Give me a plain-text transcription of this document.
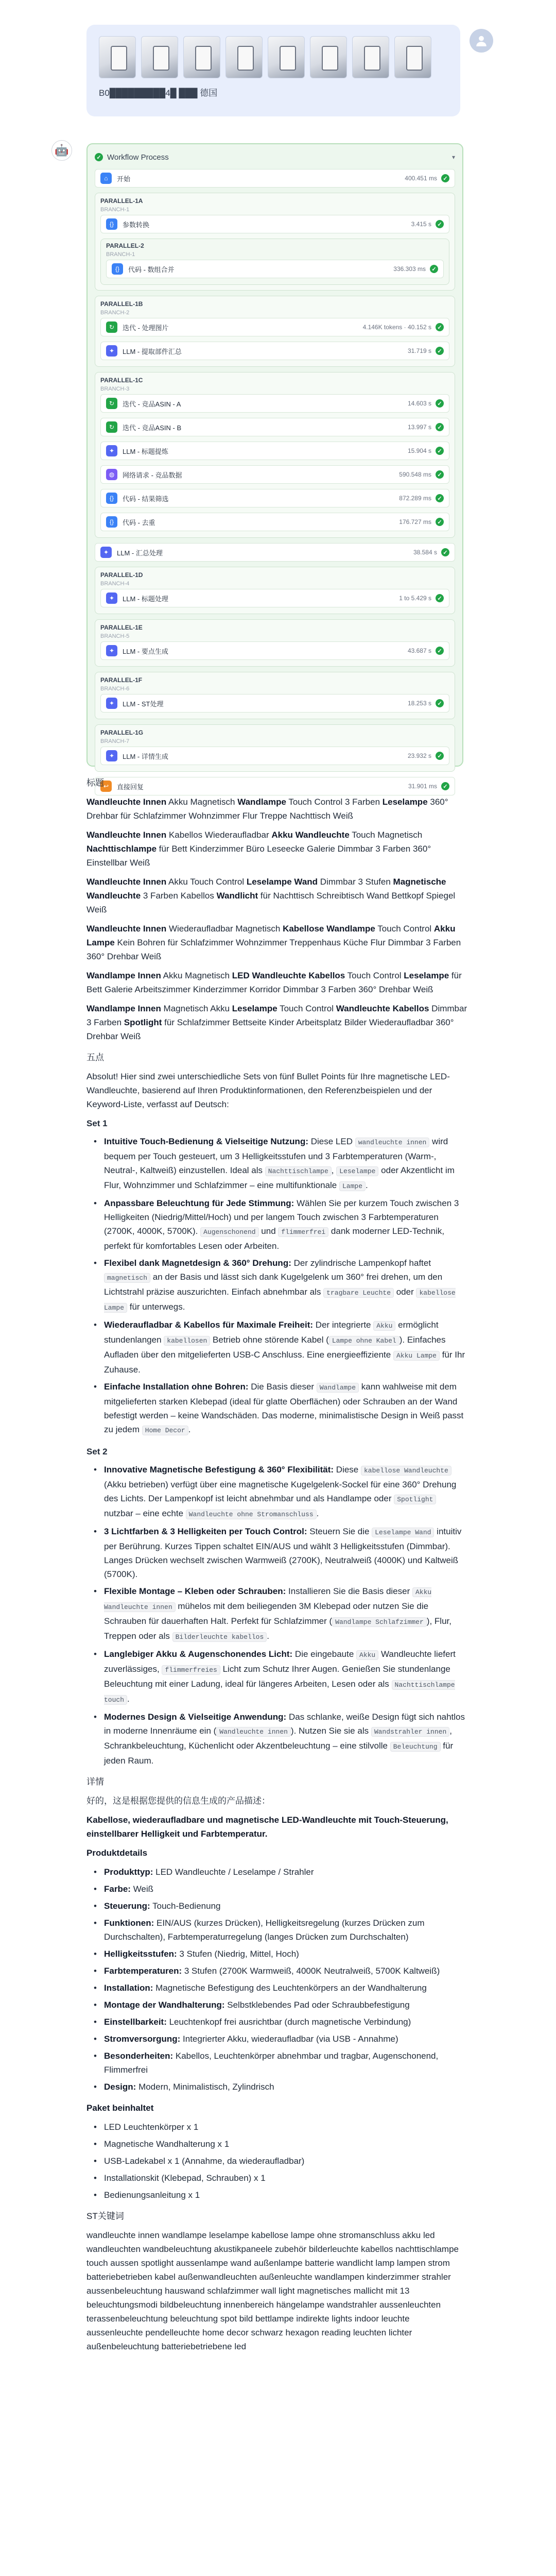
B0█████████4█ ███ 德国
🤖
✓ Workflow Process	▾
⌂	开始	400.451 ms	✓
PARALLEL-1A
BRANCH-1
{}	参数转换	3.415 s	✓
PARALLEL-2
BRANCH-1
{}	代码 - 数组合并	336.303 ms	✓
PARALLEL-1B
BRANCH-2
↻	迭代 - 处理图片	4.146K tokens · 40.152 s	✓
✦	LLM - 提取部件汇总	31.719 s	✓
PARALLEL-1C
BRANCH-3
↻	迭代 - 竞品ASIN - A	14.603 s	✓
↻	迭代 - 竞品ASIN - B	13.997 s	✓
✦	LLM - 标题提炼	15.904 s	✓
◍	网络请求 - 竞品数据	590.548 ms	✓
{}	代码 - 结果筛选	872.289 ms	✓
{}	代码 - 去重	176.727 ms	✓
✦	LLM - 汇总处理	38.584 s	✓
PARALLEL-1D
BRANCH-4
✦	LLM - 标题处理	1 to 5.429 s	✓
PARALLEL-1E
BRANCH-5
✦	LLM - 要点生成	43.687 s	✓
PARALLEL-1F
BRANCH-6
✦	LLM - ST处理	18.253 s	✓
PARALLEL-1G
BRANCH-7
✦	LLM - 详情生成	23.932 s	✓
↩	直接回复	31.901 ms	✓

标题

Wandleuchte Innen Akku Magnetisch Wandlampe Touch Control 3 Farben Leselampe 360° Drehbar für Schlafzimmer Wohnzimmer Flur Treppe Nachttisch Weiß

Wandleuchte Innen Kabellos Wiederaufladbar Akku Wandleuchte Touch Magnetisch Nachttischlampe für Bett Kinderzimmer Büro Leseecke Galerie Dimmbar 3 Farben 360° Einstellbar Weiß

Wandleuchte Innen Akku Touch Control Leselampe Wand Dimmbar 3 Stufen Magnetische Wandleuchte 3 Farben Kabellos Wandlicht für Nachttisch Schreibtisch Wand Bettkopf Spiegel Weiß

Wandleuchte Innen Wiederaufladbar Magnetisch Kabellose Wandlampe Touch Control Akku Lampe Kein Bohren für Schlafzimmer Wohnzimmer Treppenhaus Küche Flur Dimmbar 3 Farben 360° Drehbar Weiß

Wandlampe Innen Akku Magnetisch LED Wandleuchte Kabellos Touch Control Leselampe für Bett Galerie Arbeitszimmer Kinderzimmer Korridor Dimmbar 3 Farben 360° Drehbar Weiß

Wandlampe Innen Magnetisch Akku Leselampe Touch Control Wandleuchte Kabellos Dimmbar 3 Farben Spotlight für Schlafzimmer Bettseite Kinder Arbeitsplatz Bilder Wiederaufladbar 360° Drehbar Weiß

五点

Absolut! Hier sind zwei unterschiedliche Sets von fünf Bullet Points für Ihre magnetische LED-Wandleuchte, basierend auf Ihren Produktinformationen, den Referenzbeispielen und der Keyword-Liste, verfasst auf Deutsch:

Set 1
• Intuitive Touch-Bedienung & Vielseitige Nutzung: Diese LED wandleuchte innen wird bequem per Touch gesteuert, um 3 Helligkeitsstufen und 3 Farbtemperaturen (Warm-, Neutral-, Kaltweiß) einzustellen. Ideal als Nachttischlampe , Leselampe oder Akzentlicht im Flur, Wohnzimmer und Schlafzimmer – eine multifunktionale Lampe .
• Anpassbare Beleuchtung für Jede Stimmung: Wählen Sie per kurzem Touch zwischen 3 Helligkeiten (Niedrig/Mittel/Hoch) und per langem Touch zwischen 3 Farbtemperaturen (2700K, 4000K, 5700K). Augenschonend und flimmerfrei dank moderner LED-Technik, perfekt für komfortables Lesen oder Arbeiten.
• Flexibel dank Magnetdesign & 360° Drehung: Der zylindrische Lampenkopf haftet magnetisch an der Basis und lässt sich dank Kugelgelenk um 360° frei drehen, um den Lichtstrahl präzise auszurichten. Einfach abnehmbar als tragbare Leuchte oder kabellose Lampe für unterwegs.
• Wiederaufladbar & Kabellos für Maximale Freiheit: Der integrierte Akku ermöglicht stundenlangen kabellosen Betrieb ohne störende Kabel ( Lampe ohne Kabel ). Einfaches Aufladen über den mitgelieferten USB-C Anschluss. Eine energieeffiziente Akku Lampe für Ihr Zuhause.
• Einfache Installation ohne Bohren: Die Basis dieser Wandlampe kann wahlweise mit dem mitgelieferten starken Klebepad (ideal für glatte Oberflächen) oder Schrauben an der Wand befestigt werden – keine Wandschäden. Das moderne, minimalistische Design in Weiß passt zu jedem Home Decor .
Set 2
• Innovative Magnetische Befestigung & 360° Flexibilität: Diese kabellose Wandleuchte (Akku betrieben) verfügt über eine magnetische Kugelgelenk-Sockel für eine 360° Drehung des Lichts. Der Lampenkopf ist leicht abnehmbar und als Handlampe oder Spotlight nutzbar – eine echte Wandleuchte ohne Stromanschluss .
• 3 Lichtfarben & 3 Helligkeiten per Touch Control: Steuern Sie die Leselampe Wand intuitiv per Berührung. Kurzes Tippen schaltet EIN/AUS und wählt 3 Helligkeitsstufen (Dimmbar). Langes Drücken wechselt zwischen Warmweiß (2700K), Neutralweiß (4000K) und Kaltweiß (5700K).
• Flexible Montage – Kleben oder Schrauben: Installieren Sie die Basis dieser Akku Wandleuchte innen mühelos mit dem beiliegenden 3M Klebepad oder nutzen Sie die Schrauben für dauerhaften Halt. Perfekt für Schlafzimmer ( Wandlampe Schlafzimmer ), Flur, Treppen oder als Bilderleuchte kabellos .
• Langlebiger Akku & Augenschonendes Licht: Die eingebaute Akku Wandleuchte liefert zuverlässiges, flimmerfreies Licht zum Schutz Ihrer Augen. Genießen Sie stundenlange Beleuchtung mit einer Ladung, ideal für längeres Arbeiten, Lesen oder als Nachttischlampe touch .
• Modernes Design & Vielseitige Anwendung: Das schlanke, weiße Design fügt sich nahtlos in moderne Innenräume ein ( Wandleuchte innen ). Nutzen Sie sie als Wandstrahler innen , Schrankbeleuchtung, Küchenlicht oder Akzentbeleuchtung – eine stilvolle Beleuchtung für jeden Raum.

详情

好的，这是根据您提供的信息生成的产品描述：

Kabellose, wiederaufladbare und magnetische LED-Wandleuchte mit Touch-Steuerung, einstellbarer Helligkeit und Farbtemperatur.

Produktdetails

• Produkttyp: LED Wandleuchte / Leselampe / Strahler
• Farbe: Weiß
• Steuerung: Touch-Bedienung
• Funktionen: EIN/AUS (kurzes Drücken), Helligkeitsregelung (kurzes Drücken zum Durchschalten), Farbtemperaturregelung (langes Drücken zum Durchschalten)
• Helligkeitsstufen: 3 Stufen (Niedrig, Mittel, Hoch)
• Farbtemperaturen: 3 Stufen (2700K Warmweiß, 4000K Neutralweiß, 5700K Kaltweiß)
• Installation: Magnetische Befestigung des Leuchtenkörpers an der Wandhalterung
• Montage der Wandhalterung: Selbstklebendes Pad oder Schraubbefestigung
• Einstellbarkeit: Leuchtenkopf frei ausrichtbar (durch magnetische Verbindung)
• Stromversorgung: Integrierter Akku, wiederaufladbar (via USB - Annahme)
• Besonderheiten: Kabellos, Leuchtenkörper abnehmbar und tragbar, Augenschonend, Flimmerfrei
• Design: Modern, Minimalistisch, Zylindrisch

Paket beinhaltet

• LED Leuchtenkörper x 1
• Magnetische Wandhalterung x 1
• USB-Ladekabel x 1 (Annahme, da wiederaufladbar)
• Installationskit (Klebepad, Schrauben) x 1
• Bedienungsanleitung x 1

ST关键词

wandleuchte innen wandlampe leselampe kabellose lampe ohne stromanschluss akku led wandleuchten wandbeleuchtung akustikpaneele zubehör bilderleuchte kabellos nachttischlampe touch aussen spotlight aussenlampe wand außenlampe batterie wandlicht lamp lampen strom batteriebetrieben kabel außenwandleuchten außenleuchte wandlampen kinderzimmer strahler aussenbeleuchtung hauswand schlafzimmer wall light magnetisches mallicht mit 13 beleuchtungsmodi bildbeleuchtung innenbereich hängelampe wandstrahler aussenleuchten terassenbeleuchtung beleuchtung spot bild bettlampe indirekte lights indoor leuchte aussenleuchte pendelleuchte home decor schwarz hexagon reading leuchten lichter außenbeleuchtung batteriebetriebene led
